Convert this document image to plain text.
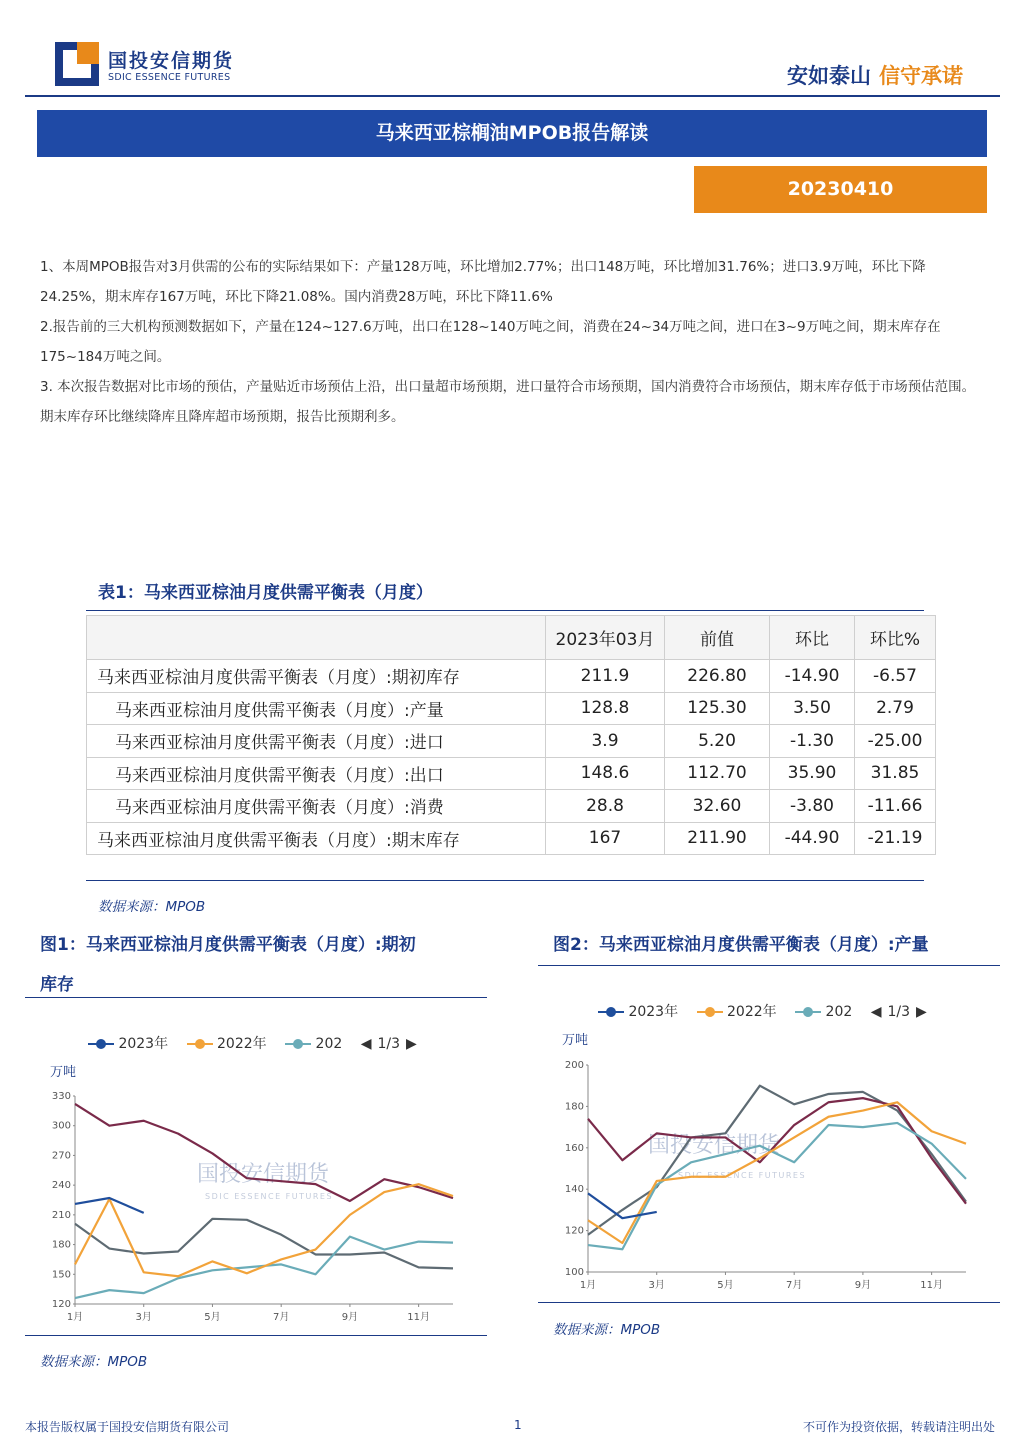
国投安信期货
SDIC ESSENCE FUTURES	安如泰山 信守承诺
马来西亚棕榈油MPOB报告解读
20230410
1、本周MPOB报告对3月供需的公布的实际结果如下：产量128万吨，环比增加2.77%；出口148万吨，环比增加31.76%；进口3.9万吨，环比下降24.25%，期末库存167万吨，环比下降21.08%。国内消费28万吨，环比下降11.6%
2.报告前的三大机构预测数据如下，产量在124~127.6万吨，出口在128~140万吨之间，消费在24~34万吨之间，进口在3~9万吨之间，期末库存在175~184万吨之间。
3. 本次报告数据对比市场的预估，产量贴近市场预估上沿，出口量超市场预期，进口量符合市场预期，国内消费符合市场预估，期末库存低于市场预估范围。期末库存环比继续降库且降库超市场预期，报告比预期利多。
表1：马来西亚棕油月度供需平衡表（月度）
	2023年03月	前值	环比	环比%
马来西亚棕油月度供需平衡表（月度）:期初库存	211.9	226.80	-14.90	-6.57
马来西亚棕油月度供需平衡表（月度）:产量	128.8	125.30	3.50	2.79
马来西亚棕油月度供需平衡表（月度）:进口	3.9	5.20	-1.30	-25.00
马来西亚棕油月度供需平衡表（月度）:出口	148.6	112.70	35.90	31.85
马来西亚棕油月度供需平衡表（月度）:消费	28.8	32.60	-3.80	-11.66
马来西亚棕油月度供需平衡表（月度）:期末库存	167	211.90	-44.90	-21.19
数据来源：MPOB
图1：马来西亚棕油月度供需平衡表（月度）:期初
库存
2023年	2022年	202 ◀ 1/3 ▶
万吨
国投安信期货
SDIC ESSENCE FUTURES
120
150
180
210
240
270
300
330
1月	3月	5月	7月	9月	11月
数据来源：MPOB
图2：马来西亚棕油月度供需平衡表（月度）:产量
2023年	2022年	202 ◀ 1/3 ▶
万吨
国投安信期货
SDIC ESSENCE FUTURES
100
120
140
160
180
200
1月	3月	5月	7月	9月	11月
数据来源：MPOB
本报告版权属于国投安信期货有限公司	1	不可作为投资依据，转载请注明出处
